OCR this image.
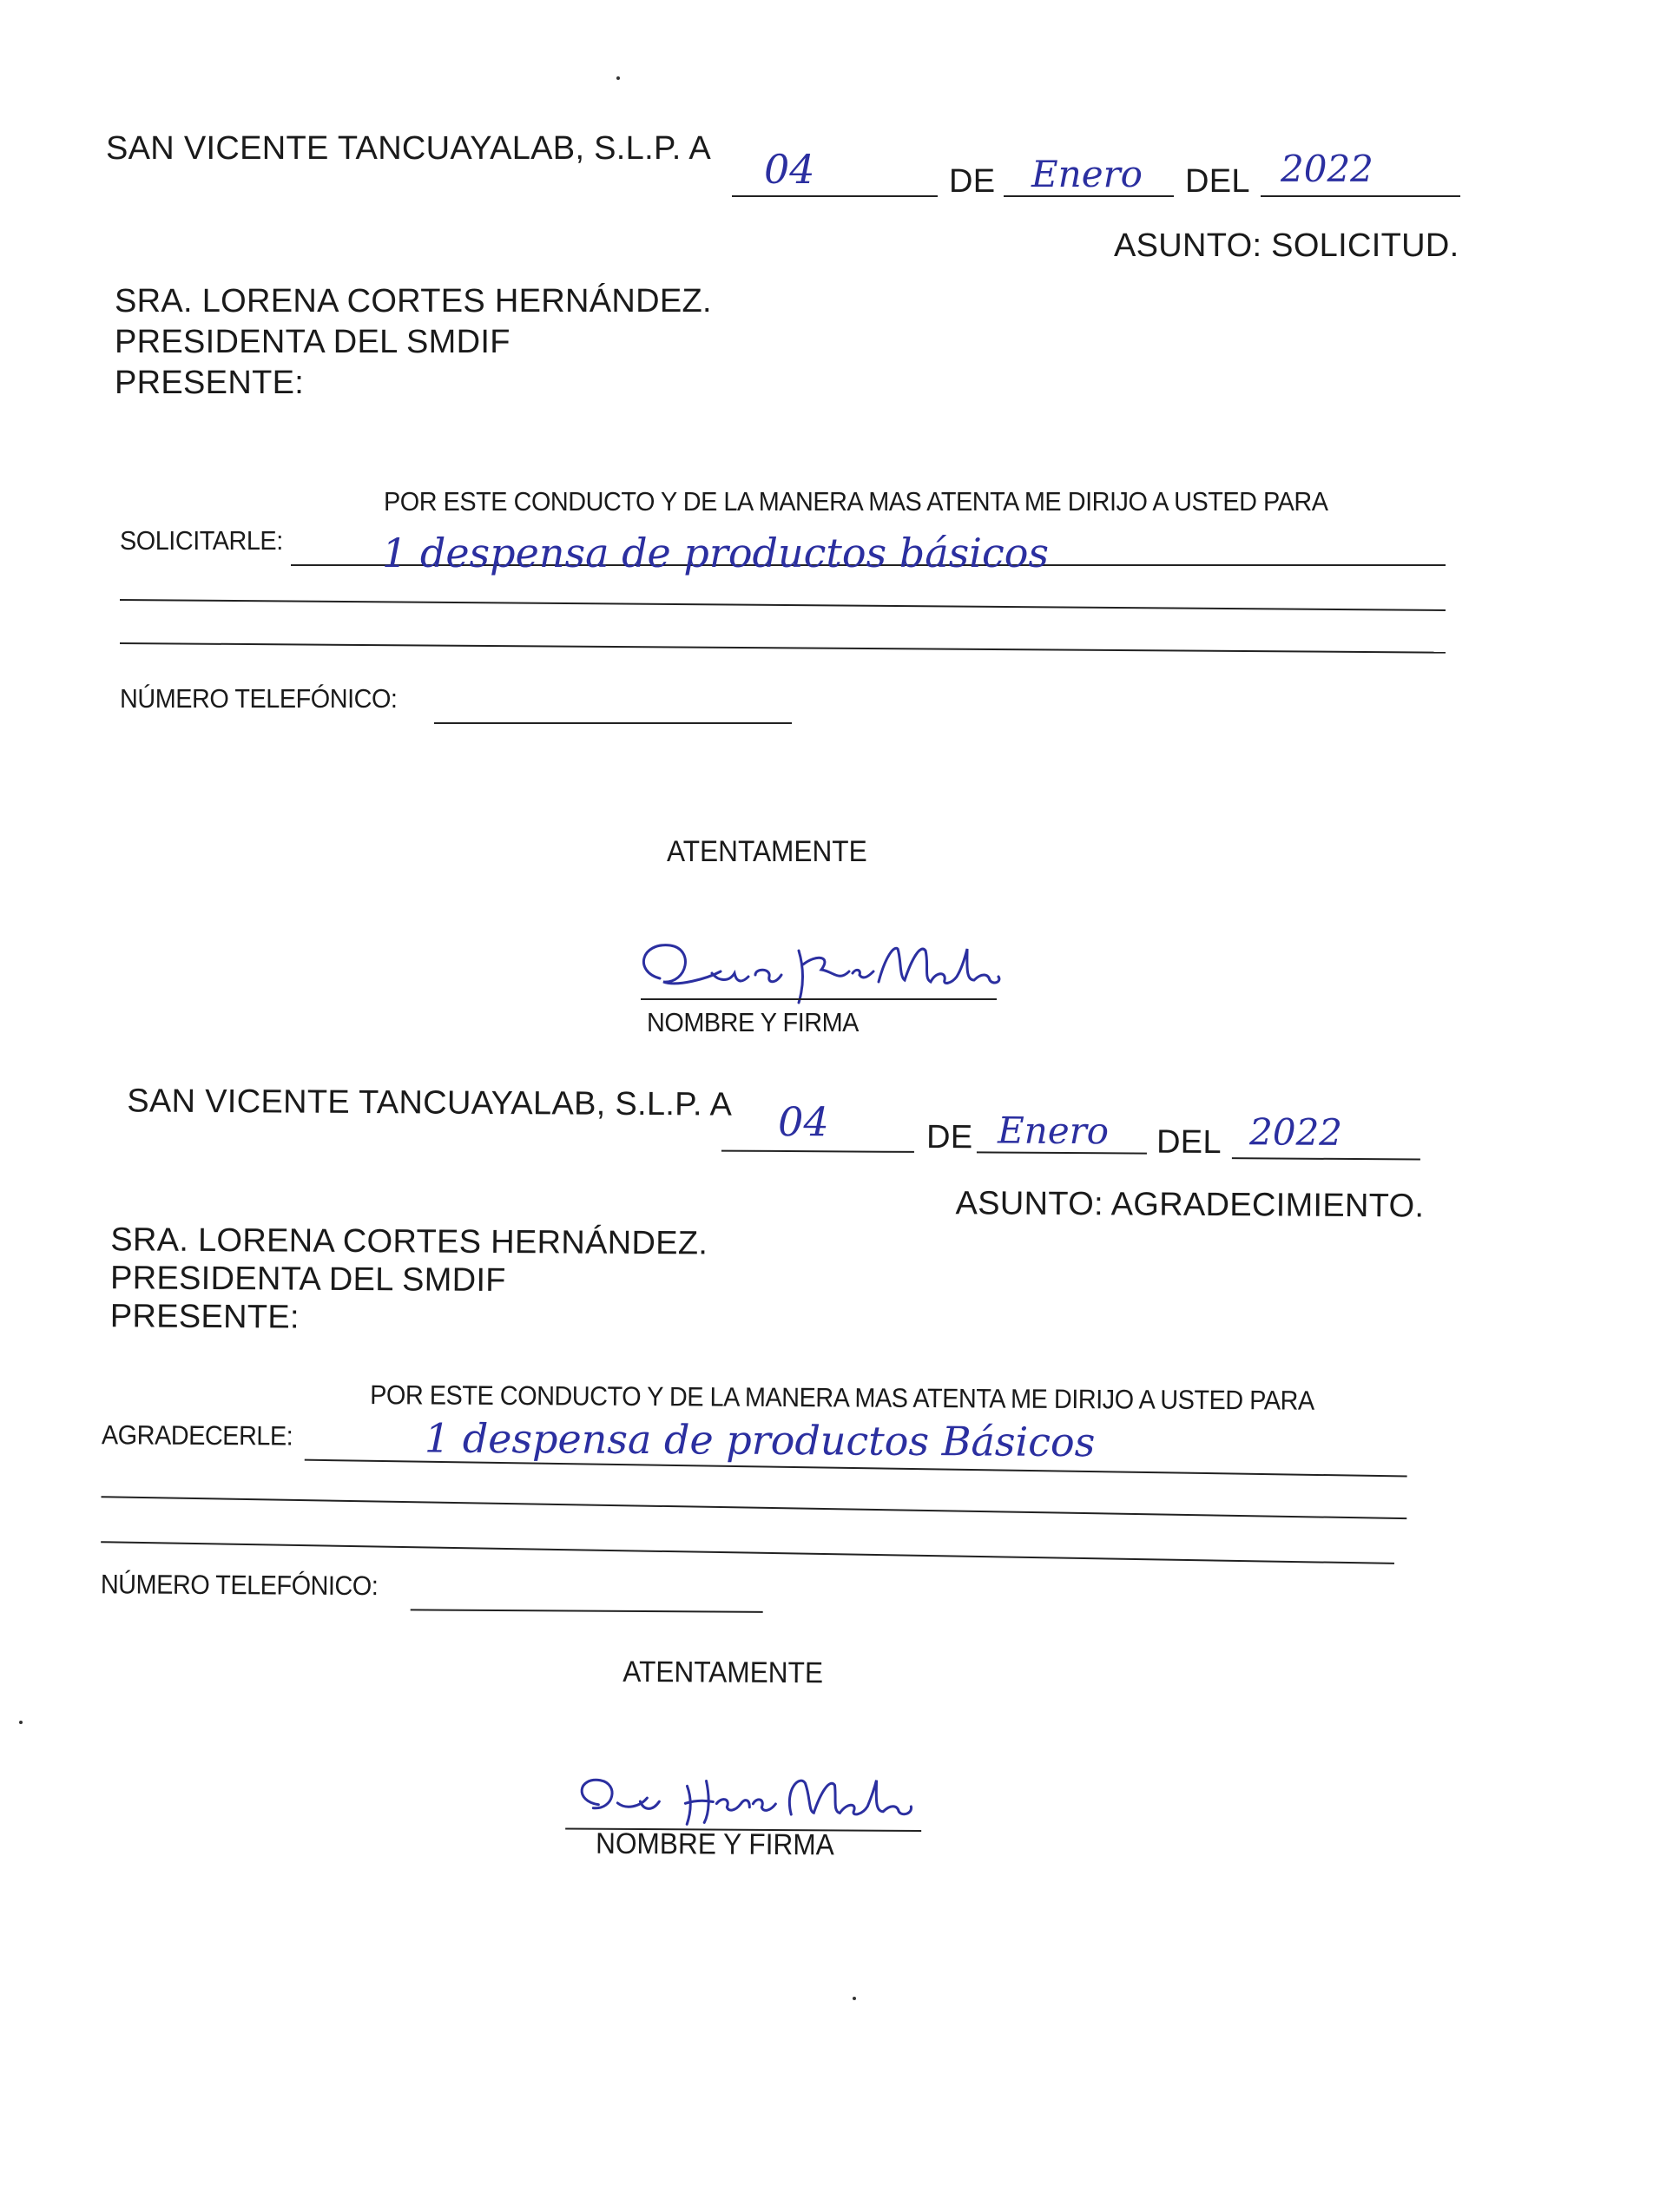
SAN VICENTE TANCUAYALAB, S.L.P. A 04	DE Enero DEL 2022
ASUNTO: SOLICITUD.
SRA. LORENA CORTES HERNÁNDEZ.
PRESIDENTA DEL SMDIF
PRESENTE:
POR ESTE CONDUCTO Y DE LA MANERA MAS ATENTA ME DIRIJO A USTED PARA
SOLICITARLE: 1 despensa de productos básicos
NÚMERO TELEFÓNICO:
ATENTAMENTE
NOMBRE Y FIRMA
SAN VICENTE TANCUAYALAB, S.L.P. A 04	DE Enero DEL 2022
ASUNTO: AGRADECIMIENTO.
SRA. LORENA CORTES HERNÁNDEZ.
PRESIDENTA DEL SMDIF
PRESENTE:
POR ESTE CONDUCTO Y DE LA MANERA MAS ATENTA ME DIRIJO A USTED PARA
AGRADECERLE:	1 despensa de productos Básicos
NÚMERO TELEFÓNICO:
ATENTAMENTE
NOMBRE Y FIRMA
